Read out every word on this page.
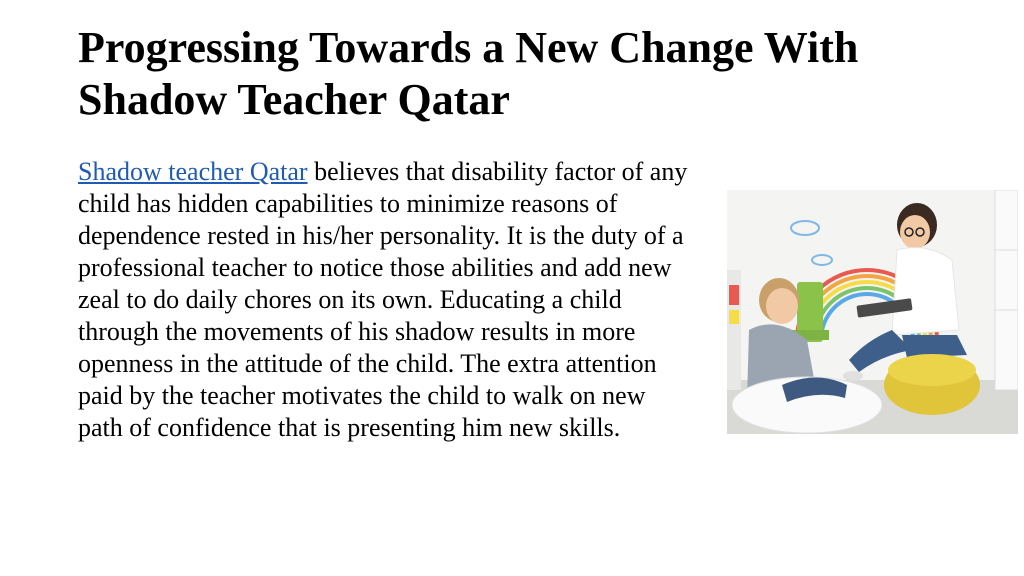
Progressing Towards a New Change With Shadow Teacher Qatar

Shadow teacher Qatar believes that disability factor of any child has hidden capabilities to minimize reasons of dependence rested in his/her personality. It is the duty of a professional teacher to notice those abilities and add new zeal to do daily chores on its own. Educating a child through the movements of his shadow results in more openness in the attitude of the child. The extra attention paid by the teacher motivates the child to walk on new path of confidence that is presenting him new skills.
